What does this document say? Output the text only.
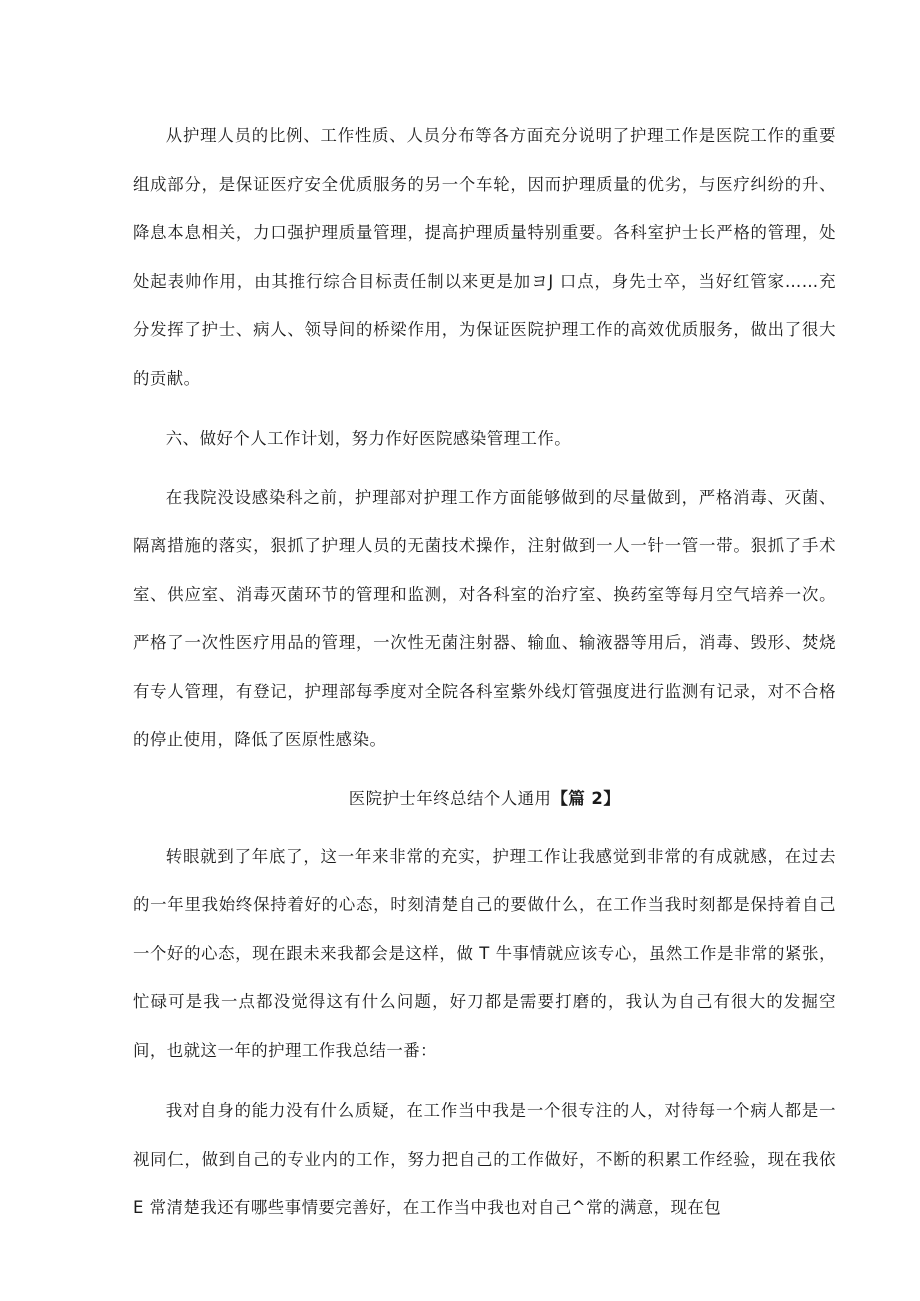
从护理人员的比例、工作性质、人员分布等各方面充分说明了护理工作是医院工作的重要组成部分，是保证医疗安全优质服务的另一个车轮，因而护理质量的优劣，与医疗纠纷的升、降息本息相关，力口强护理质量管理，提高护理质量特别重要。各科室护士长严格的管理，处处起表帅作用，由其推行综合目标责任制以来更是加ヨJ 口点，身先士卒，当好红管家……充分发挥了护士、病人、领导间的桥梁作用，为保证医院护理工作的高效优质服务，做出了很大的贡献。

六、做好个人工作计划，努力作好医院感染管理工作。

在我院没设感染科之前，护理部对护理工作方面能够做到的尽量做到，严格消毒、灭菌、隔离措施的落实，狠抓了护理人员的无菌技术操作，注射做到一人一针一管一带。狠抓了手术室、供应室、消毒灭菌环节的管理和监测，对各科室的治疗室、换药室等每月空气培养一次。严格了一次性医疗用品的管理，一次性无菌注射器、输血、输液器等用后，消毒、毁形、焚烧有专人管理，有登记，护理部每季度对全院各科室紫外线灯管强度进行监测有记录，对不合格的停止使用，降低了医原性感染。

医院护士年终总结个人通用【篇 2】

转眼就到了年底了，这一年来非常的充实，护理工作让我感觉到非常的有成就感，在过去的一年里我始终保持着好的心态，时刻清楚自己的要做什么，在工作当我时刻都是保持着自己一个好的心态，现在跟未来我都会是这样，做 T 牛事情就应该专心，虽然工作是非常的紧张，忙碌可是我一点都没觉得这有什么问题，好刀都是需要打磨的，我认为自己有很大的发掘空间，也就这一年的护理工作我总结一番：

我对自身的能力没有什么质疑，在工作当中我是一个很专注的人，对待每一个病人都是一视同仁，做到自己的专业内的工作，努力把自己的工作做好，不断的积累工作经验，现在我依 E 常清楚我还有哪些事情要完善好，在工作当中我也对自己^常的满意，现在包
